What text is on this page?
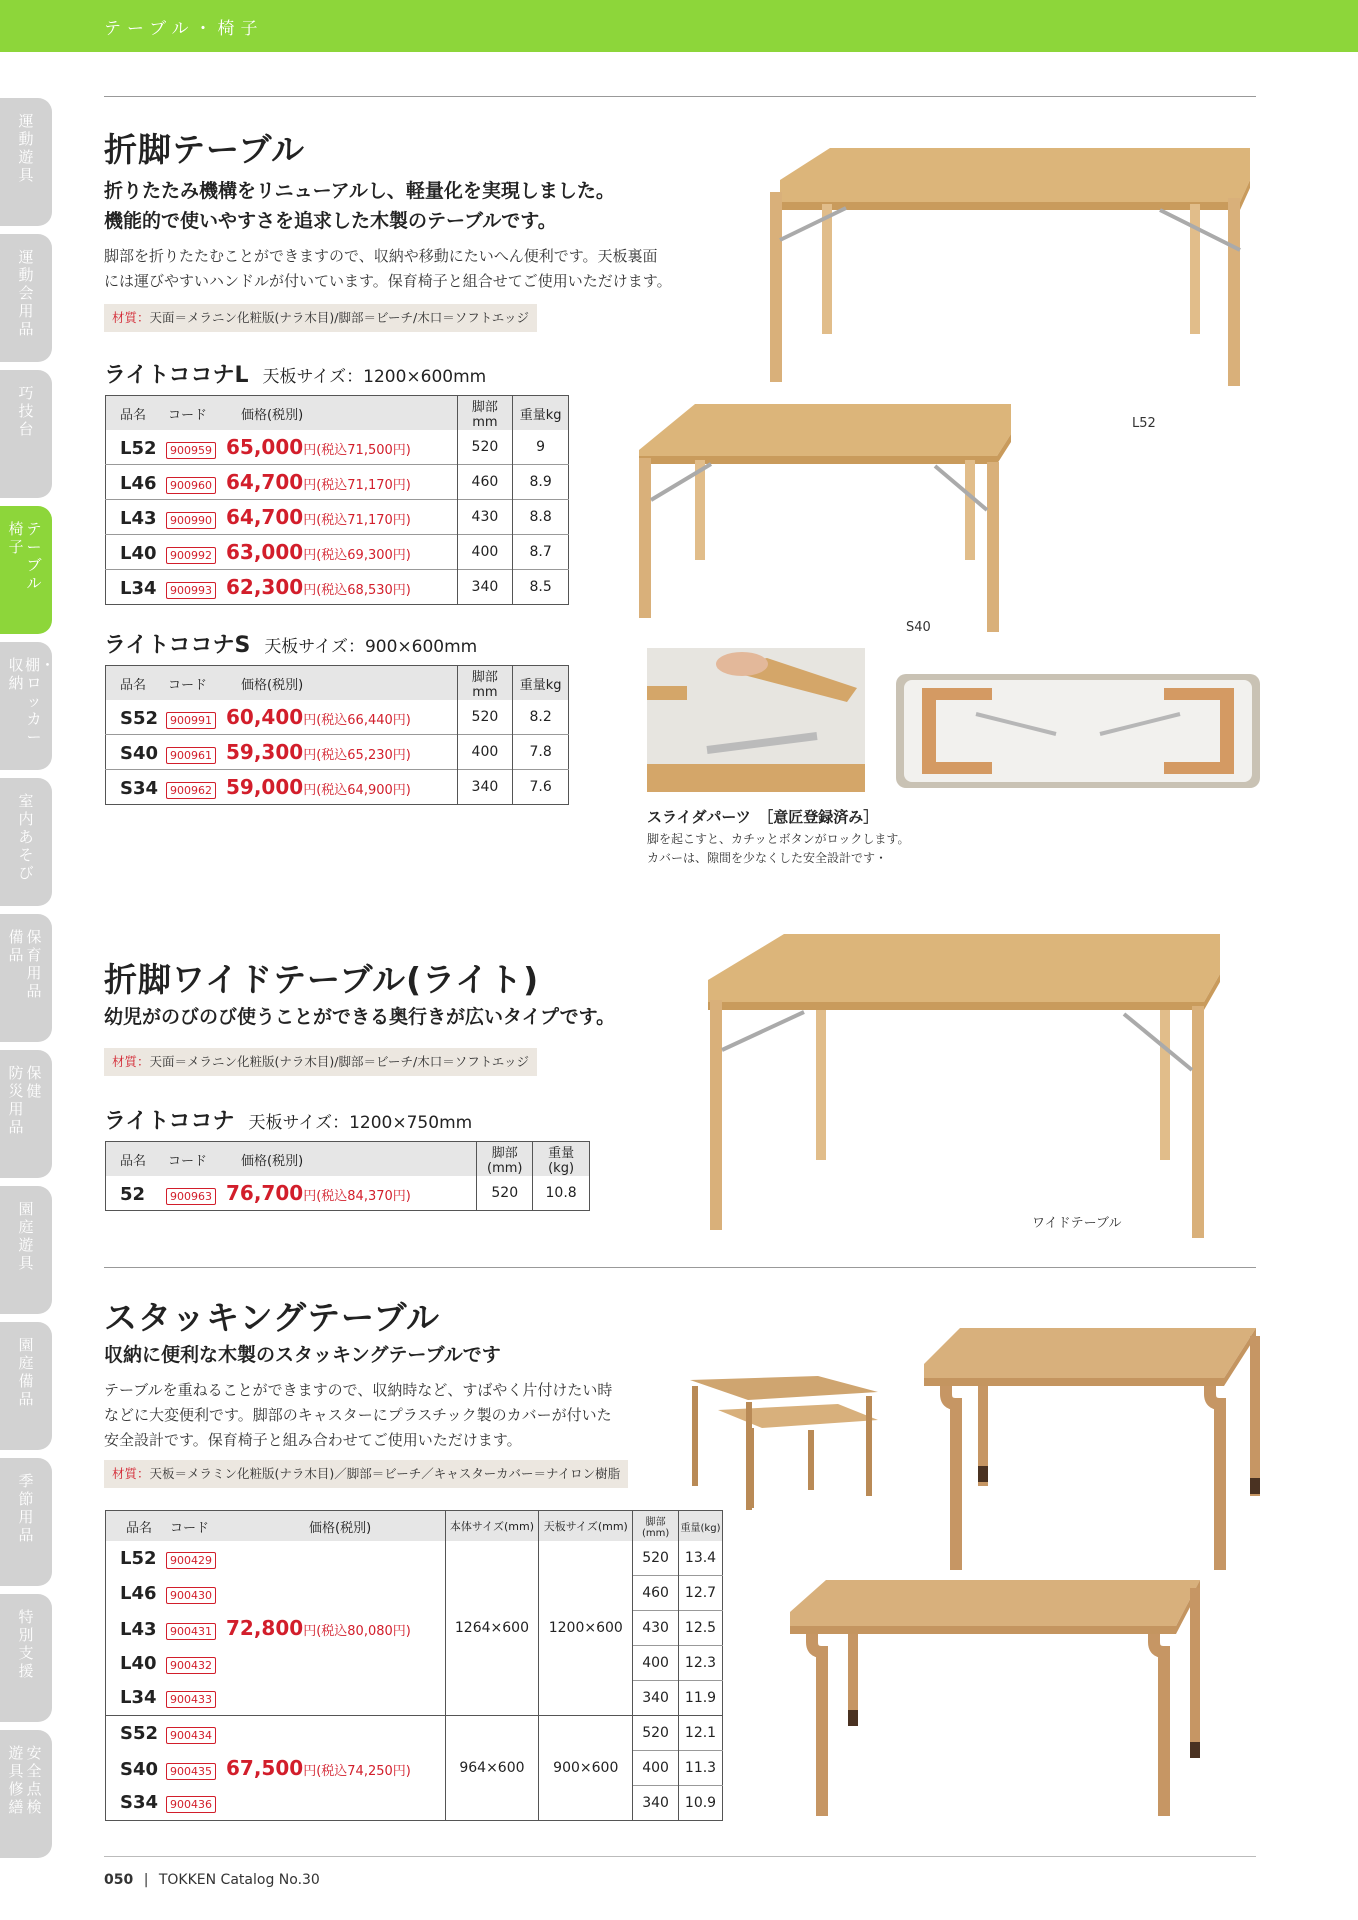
テーブル・椅子
運動遊具
運動会用品
巧技台
テーブル
椅子
棚・ロッカー
収納
室内あそび
保育用品
備品
保健
防災用品
園庭遊具
園庭備品
季節用品
特別支援
安全点検
遊具修繕
折脚テーブル
折りたたみ機構をリニューアルし、軽量化を実現しました。
機能的で使いやすさを追求した木製のテーブルです。
脚部を折りたたむことができますので、収納や移動にたいへん便利です。天板裏面
には運びやすいハンドルが付いています。保育椅子と組合せてご使用いただけます。
材質：天面＝メラニン化粧版(ナラ木目)/脚部＝ビーチ/木口＝ソフトエッジ
ライトココナL 天板サイズ：1200×600mm
品名 コード 価格(税別)	脚部mm	重量kg
L52 900959 65,000円(税込71,500円)	520	9
L46 900960 64,700円(税込71,170円)	460	8.9
L43 900990 64,700円(税込71,170円)	430	8.8
L40 900992 63,000円(税込69,300円)	400	8.7
L34 900993 62,300円(税込68,530円)	340	8.5
ライトココナS 天板サイズ：900×600mm
品名 コード 価格(税別)	脚部mm	重量kg
S52 900991 60,400円(税込66,440円)	520	8.2
S40 900961 59,300円(税込65,230円)	400	7.8
S34 900962 59,000円(税込64,900円)	340	7.6
L52
S40
スライダパーツ　［意匠登録済み］
脚を起こすと、カチッとボタンがロックします。
カバーは、隙間を少なくした安全設計です・
折脚ワイドテーブル(ライト)
幼児がのびのび使うことができる奥行きが広いタイプです。
材質：天面＝メラニン化粧版(ナラ木目)/脚部＝ビーチ/木口＝ソフトエッジ
ライトココナ 天板サイズ：1200×750mm
品名 コード 価格(税別)	脚部(mm)	重量(kg)
52 900963 76,700円(税込84,370円)	520	10.8
ワイドテーブル
スタッキングテーブル
収納に便利な木製のスタッキングテーブルです
テーブルを重ねることができますので、収納時など、すばやく片付けたい時
などに大変便利です。脚部のキャスターにプラスチック製のカバーが付いた
安全設計です。保育椅子と組み合わせてご使用いただけます。
材質：天板＝メラミン化粧版(ナラ木目)／脚部＝ビーチ／キャスターカバー＝ナイロン樹脂
品名 コード 価格(税別)	本体サイズ(mm)	天板サイズ(mm)	脚部(mm)	重量(kg)
L52 900429	1264×600	1200×600	520	13.4
L46 900430			460	12.7
L43 900431 72,800円(税込80,080円)			430	12.5
L40 900432			400	12.3
L34 900433			340	11.9
S52 900434	964×600	900×600	520	12.1
S40 900435 67,500円(税込74,250円)			400	11.3
S34 900436			340	10.9
050 | TOKKEN Catalog No.30
